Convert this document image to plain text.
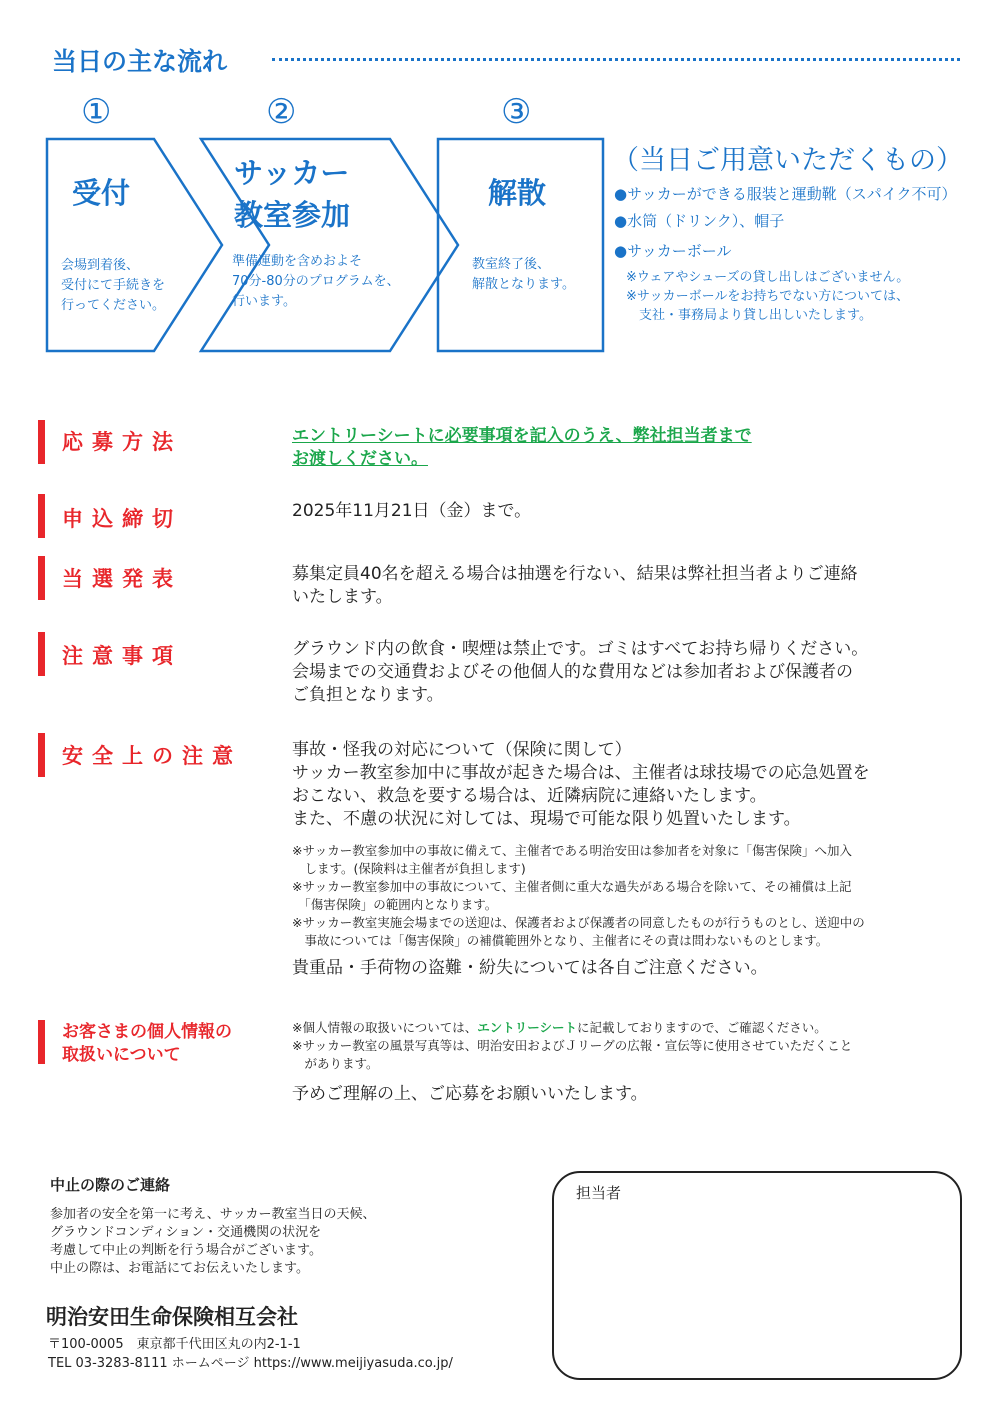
当日の主な流れ
①	②	③
受付
会場到着後、
受付にて手続きを
行ってください。
サッカー
教室参加
準備運動を含めおよそ
70分-80分のプログラムを、
行います。
解散
教室終了後、
解散となります。
（当日ご用意いただくもの）
●サッカーができる服装と運動靴（スパイク不可）
●水筒（ドリンク）、帽子
●サッカーボール
※ウェアやシューズの貸し出しはございません。
※サッカーボールをお持ちでない方については、
　支社・事務局より貸し出しいたします。
応募方法	エントリーシートに必要事項を記入のうえ、弊社担当者まで
お渡しください。
申込締切	2025年11月21日（金）まで。
当選発表	募集定員40名を超える場合は抽選を行ない、結果は弊社担当者よりご連絡
いたします。
注意事項	グラウンド内の飲食・喫煙は禁止です。ゴミはすべてお持ち帰りください。
会場までの交通費およびその他個人的な費用などは参加者および保護者の
ご負担となります。
安全上の注意	事故・怪我の対応について（保険に関して）
サッカー教室参加中に事故が起きた場合は、主催者は球技場での応急処置を
おこない、救急を要する場合は、近隣病院に連絡いたします。
また、不慮の状況に対しては、現場で可能な限り処置いたします。
※サッカー教室参加中の事故に備えて、主催者である明治安田は参加者を対象に「傷害保険」へ加入
　します。(保険料は主催者が負担します)
※サッカー教室参加中の事故について、主催者側に重大な過失がある場合を除いて、その補償は上記
　「傷害保険」の範囲内となります。
※サッカー教室実施会場までの送迎は、保護者および保護者の同意したものが行うものとし、送迎中の
　事故については「傷害保険」の補償範囲外となり、主催者にその責は問わないものとします。
貴重品・手荷物の盗難・紛失については各自ご注意ください。
お客さまの個人情報の
取扱いについて
※個人情報の取扱いについては、エントリーシートに記載しておりますので、ご確認ください。
※サッカー教室の風景写真等は、明治安田およびＪリーグの広報・宣伝等に使用させていただくこと
　があります。
予めご理解の上、ご応募をお願いいたします。
中止の際のご連絡
参加者の安全を第一に考え、サッカー教室当日の天候、
グラウンドコンディション・交通機関の状況を
考慮して中止の判断を行う場合がございます。
中止の際は、お電話にてお伝えいたします。
明治安田生命保険相互会社
〒100-0005　東京都千代田区丸の内2-1-1
TEL 03-3283-8111 ホームページ https://www.meijiyasuda.co.jp/
担当者
